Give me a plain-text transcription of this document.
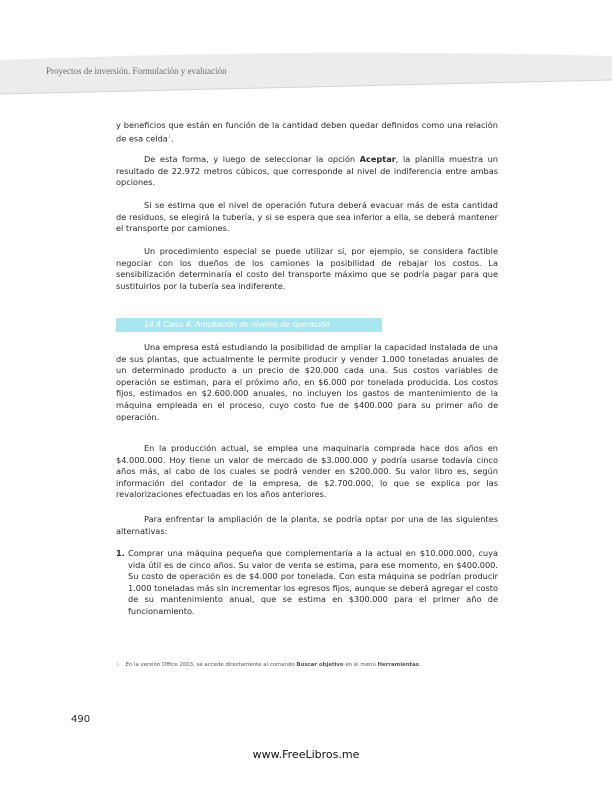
Proyectos de inversión. Formulación y evaluación

y beneficios que están en función de la cantidad deben quedar definidos como una relación de esa celda$^1$.

De esta forma, y luego de seleccionar la opción Aceptar, la planilla muestra un resultado de 22.972 metros cúbicos, que corresponde al nivel de indiferencia entre ambas opciones.

Si se estima que el nivel de operación futura deberá evacuar más de esta cantidad de residuos, se elegirá la tubería, y si se espera que sea inferior a ella, se deberá mantener el transporte por camiones.

Un procedimiento especial se puede utilizar si, por ejemplo, se considera factible negociar con los dueños de los camiones la posibilidad de rebajar los costos. La sensibilización determinaría el costo del transporte máximo que se podría pagar para que sustituirlos por la tubería sea indiferente.

14.4 Caso 4: Ampliación de niveles de operación

Una empresa está estudiando la posibilidad de ampliar la capacidad instalada de una de sus plantas, que actualmente le permite producir y vender 1.000 toneladas anuales de un determinado producto a un precio de $20.000 cada una. Sus costos variables de operación se estiman, para el próximo año, en $6.000 por tonelada producida. Los costos fijos, estimados en $2.600.000 anuales, no incluyen los gastos de mantenimiento de la máquina empleada en el proceso, cuyo costo fue de $400.000 para su primer año de operación.

En la producción actual, se emplea una maquinaria comprada hace dos años en $4.000.000. Hoy tiene un valor de mercado de $3.000.000 y podría usarse todavía cinco años más, al cabo de los cuales se podrá vender en $200.000. Su valor libro es, según información del contador de la empresa, de $2.700.000, lo que se explica por las revalorizaciones efectuadas en los años anteriores.

Para enfrentar la ampliación de la planta, se podría optar por una de las siguientes alternativas:

1. Comprar una máquina pequeña que complementaría a la actual en $10.000.000, cuya vida útil es de cinco años. Su valor de venta se estima, para ese momento, en $400.000. Su costo de operación es de $4.000 por tonelada. Con esta máquina se podrían producir 1.000 toneladas más sin incrementar los egresos fijos, aunque se deberá agregar el costo de su mantenimiento anual, que se estima en $300.000 para el primer año de funcionamiento.
1 En la versión Office 2003, se accede directamente al comando Buscar objetivo en el menú Herramientas.
490
www.FreeLibros.me
